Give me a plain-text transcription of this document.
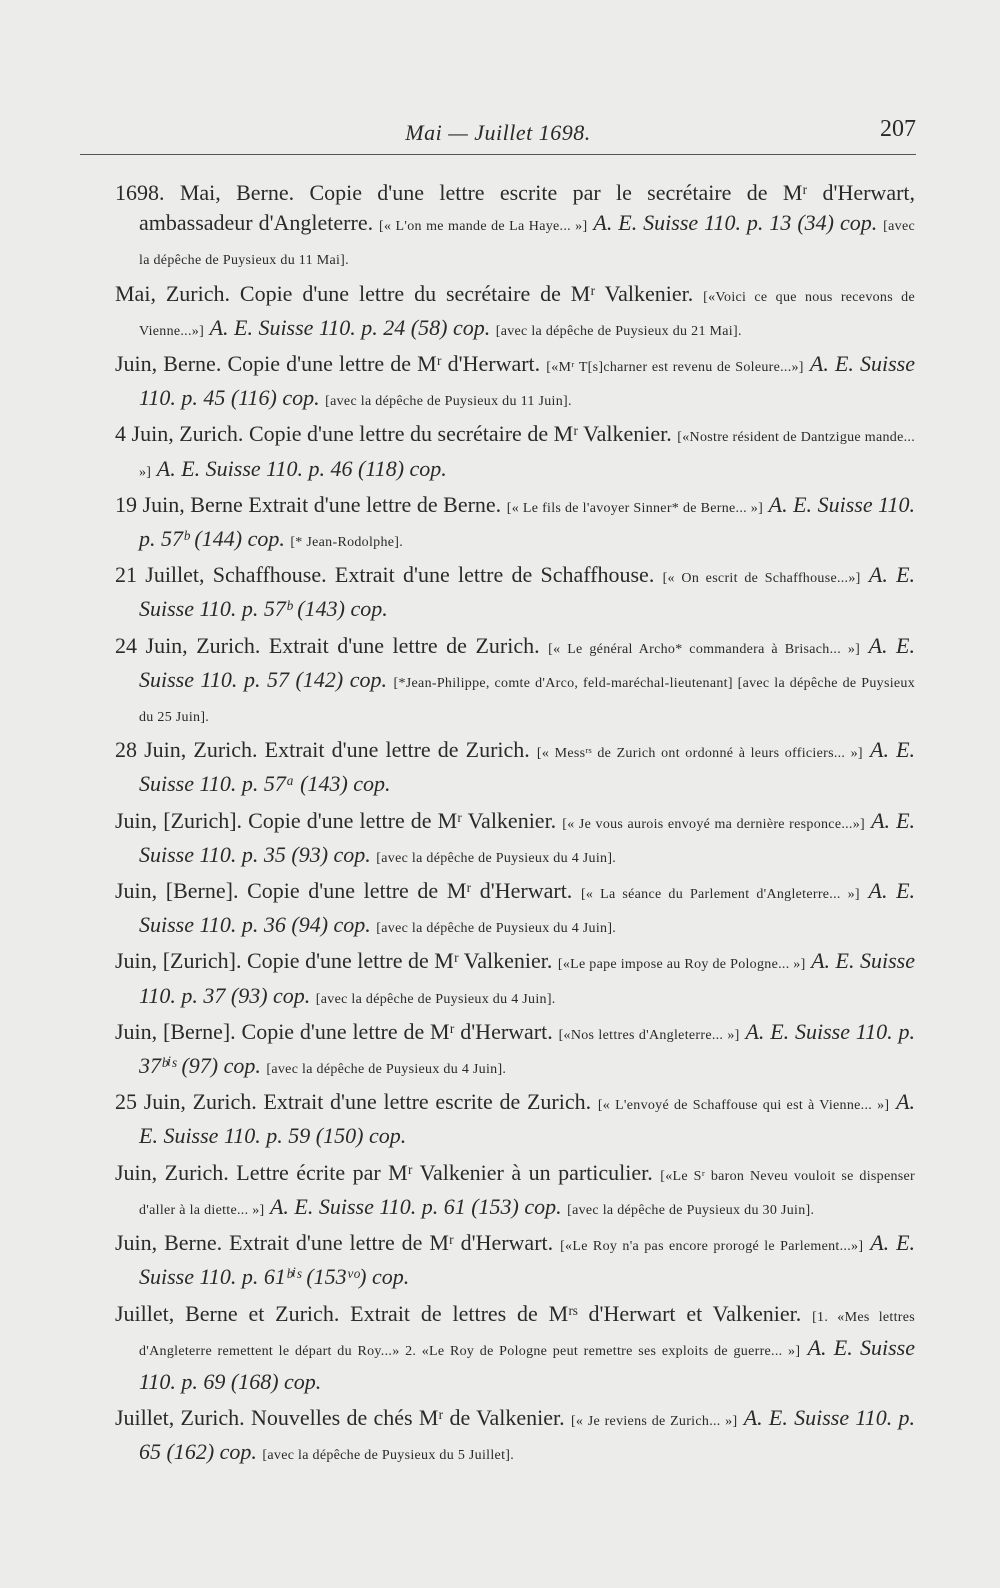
Mai — Juillet 1698.	207

1698. Mai, Berne. Copie d'une lettre escrite par le secrétaire de Mʳ d'Herwart, ambassadeur d'Angleterre. [« L'on me mande de La Haye... »] A. E. Suisse 110. p. 13 (34) cop. [avec la dépêche de Puysieux du 11 Mai].

Mai, Zurich. Copie d'une lettre du secrétaire de Mʳ Valkenier. [«Voici ce que nous recevons de Vienne...»] A. E. Suisse 110. p. 24 (58) cop. [avec la dépêche de Puysieux du 21 Mai].

Juin, Berne. Copie d'une lettre de Mʳ d'Herwart. [«Mʳ T[s]charner est revenu de Soleure...»] A. E. Suisse 110. p. 45 (116) cop. [avec la dépêche de Puysieux du 11 Juin].

4 Juin, Zurich. Copie d'une lettre du secrétaire de Mʳ Valkenier. [«Nostre résident de Dantzigue mande... »] A. E. Suisse 110. p. 46 (118) cop.

19 Juin, Berne Extrait d'une lettre de Berne. [« Le fils de l'avoyer Sinner* de Berne... »] A. E. Suisse 110. p. 57ᵇ (144) cop. [* Jean-Rodolphe].

21 Juillet, Schaffhouse. Extrait d'une lettre de Schaffhouse. [« On escrit de Schaffhouse...»] A. E. Suisse 110. p. 57ᵇ (143) cop.

24 Juin, Zurich. Extrait d'une lettre de Zurich. [« Le général Archo* commandera à Brisach... »] A. E. Suisse 110. p. 57 (142) cop. [*Jean-Philippe, comte d'Arco, feld-maréchal-lieutenant] [avec la dépêche de Puysieux du 25 Juin].

28 Juin, Zurich. Extrait d'une lettre de Zurich. [« Messʳˢ de Zurich ont ordonné à leurs officiers... »] A. E. Suisse 110. p. 57ᵃ (143) cop.

Juin, [Zurich]. Copie d'une lettre de Mʳ Valkenier. [« Je vous aurois envoyé ma dernière responce...»] A. E. Suisse 110. p. 35 (93) cop. [avec la dépêche de Puysieux du 4 Juin].

Juin, [Berne]. Copie d'une lettre de Mʳ d'Herwart. [« La séance du Parlement d'Angleterre... »] A. E. Suisse 110. p. 36 (94) cop. [avec la dépêche de Puysieux du 4 Juin].

Juin, [Zurich]. Copie d'une lettre de Mʳ Valkenier. [«Le pape impose au Roy de Pologne... »] A. E. Suisse 110. p. 37 (93) cop. [avec la dépêche de Puysieux du 4 Juin].

Juin, [Berne]. Copie d'une lettre de Mʳ d'Herwart. [«Nos lettres d'Angleterre... »] A. E. Suisse 110. p. 37ᵇⁱˢ (97) cop. [avec la dépêche de Puysieux du 4 Juin].

25 Juin, Zurich. Extrait d'une lettre escrite de Zurich. [« L'envoyé de Schaffouse qui est à Vienne... »] A. E. Suisse 110. p. 59 (150) cop.

Juin, Zurich. Lettre écrite par Mʳ Valkenier à un particulier. [«Le Sʳ baron Neveu vouloit se dispenser d'aller à la diette... »] A. E. Suisse 110. p. 61 (153) cop. [avec la dépêche de Puysieux du 30 Juin].

Juin, Berne. Extrait d'une lettre de Mʳ d'Herwart. [«Le Roy n'a pas encore prorogé le Parlement...»] A. E. Suisse 110. p. 61ᵇⁱˢ (153ᵛᵒ) cop.

Juillet, Berne et Zurich. Extrait de lettres de Mʳˢ d'Herwart et Valkenier. [1. «Mes lettres d'Angleterre remettent le départ du Roy...» 2. «Le Roy de Pologne peut remettre ses exploits de guerre... »] A. E. Suisse 110. p. 69 (168) cop.

Juillet, Zurich. Nouvelles de chés Mʳ de Valkenier. [« Je reviens de Zurich... »] A. E. Suisse 110. p. 65 (162) cop. [avec la dépêche de Puysieux du 5 Juillet].
